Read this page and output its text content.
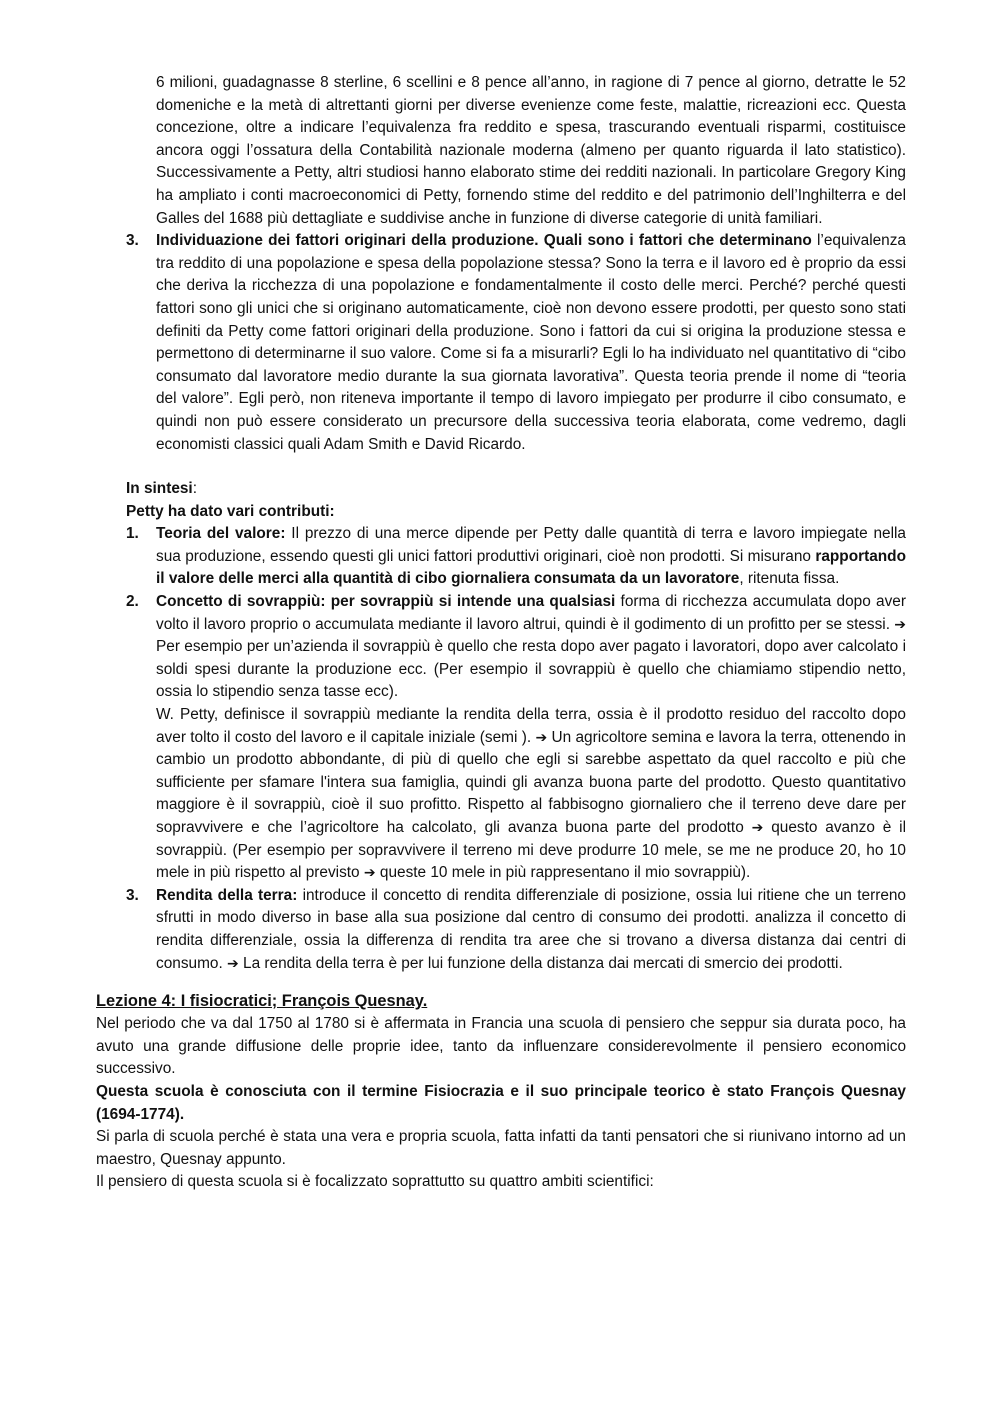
6 milioni, guadagnasse 8 sterline, 6 scellini e 8 pence all’anno, in ragione di 7 pence al giorno, detratte le 52 domeniche e la metà di altrettanti giorni per diverse evenienze come feste, malattie, ricreazioni ecc. Questa concezione, oltre a indicare l’equivalenza fra reddito e spesa, trascurando eventuali risparmi, costituisce ancora oggi l’ossatura della Contabilità nazionale moderna (almeno per quanto riguarda il lato statistico). Successivamente a Petty, altri studiosi hanno elaborato stime dei redditi nazionali. In particolare Gregory King ha ampliato i conti macroeconomici di Petty, fornendo stime del reddito e del patrimonio dell’Inghilterra e del Galles del 1688 più dettagliate e suddivise anche in funzione di diverse categorie di unità familiari.
3. Individuazione dei fattori originari della produzione. Quali sono i fattori che determinano l’equivalenza tra reddito di una popolazione e spesa della popolazione stessa? Sono la terra e il lavoro ed è proprio da essi che deriva la ricchezza di una popolazione e fondamentalmente il costo delle merci. Perché? perché questi fattori sono gli unici che si originano automaticamente, cioè non devono essere prodotti, per questo sono stati definiti da Petty come fattori originari della produzione. Sono i fattori da cui si origina la produzione stessa e permettono di determinarne il suo valore. Come si fa a misurarli? Egli lo ha individuato nel quantitativo di “cibo consumato dal lavoratore medio durante la sua giornata lavorativa”. Questa teoria prende il nome di “teoria del valore”. Egli però, non riteneva importante il tempo di lavoro impiegato per produrre il cibo consumato, e quindi non può essere considerato un precursore della successiva teoria elaborata, come vedremo, dagli economisti classici quali Adam Smith e David Ricardo.
In sintesi:
Petty ha dato vari contributi:
1. Teoria del valore: Il prezzo di una merce dipende per Petty dalle quantità di terra e lavoro impiegate nella sua produzione, essendo questi gli unici fattori produttivi originari, cioè non prodotti. Si misurano rapportando il valore delle merci alla quantità di cibo giornaliera consumata da un lavoratore, ritenuta fissa.
2. Concetto di sovrappiù: per sovrappiù si intende una qualsiasi forma di ricchezza accumulata dopo aver volto il lavoro proprio o accumulata mediante il lavoro altrui, quindi è il godimento di un profitto per se stessi. ➔ Per esempio per un’azienda il sovrappiù è quello che resta dopo aver pagato i lavoratori, dopo aver calcolato i soldi spesi durante la produzione ecc. (Per esempio il sovrappiù è quello che chiamiamo stipendio netto, ossia lo stipendio senza tasse ecc).
W. Petty, definisce il sovrappiù mediante la rendita della terra, ossia è il prodotto residuo del raccolto dopo aver tolto il costo del lavoro e il capitale iniziale (semi ). ➔ Un agricoltore semina e lavora la terra, ottenendo in cambio un prodotto abbondante, di più di quello che egli si sarebbe aspettato da quel raccolto e più che sufficiente per sfamare l'intera sua famiglia, quindi gli avanza buona parte del prodotto. Questo quantitativo maggiore è il sovrappiù, cioè il suo profitto. Rispetto al fabbisogno giornaliero che il terreno deve dare per sopravvivere e che l’agricoltore ha calcolato, gli avanza buona parte del prodotto ➔ questo avanzo è il sovrappiù. (Per esempio per sopravvivere il terreno mi deve produrre 10 mele, se me ne produce 20, ho 10 mele in più rispetto al previsto ➔ queste 10 mele in più rappresentano il mio sovrappiù).
3. Rendita della terra: introduce il concetto di rendita differenziale di posizione, ossia lui ritiene che un terreno sfrutti in modo diverso in base alla sua posizione dal centro di consumo dei prodotti. analizza il concetto di rendita differenziale, ossia la differenza di rendita tra aree che si trovano a diversa distanza dai centri di consumo. ➔ La rendita della terra è per lui funzione della distanza dai mercati di smercio dei prodotti.
Lezione 4: I fisiocratici; François Quesnay.
Nel periodo che va dal 1750 al 1780 si è affermata in Francia una scuola di pensiero che seppur sia durata poco, ha avuto una grande diffusione delle proprie idee, tanto da influenzare considerevolmente il pensiero economico successivo.
Questa scuola è conosciuta con il termine Fisiocrazia e il suo principale teorico è stato François Quesnay (1694-1774).
Si parla di scuola perché è stata una vera e propria scuola, fatta infatti da tanti pensatori che si riunivano intorno ad un maestro, Quesnay appunto.
Il pensiero di questa scuola si è focalizzato soprattutto su quattro ambiti scientifici:
